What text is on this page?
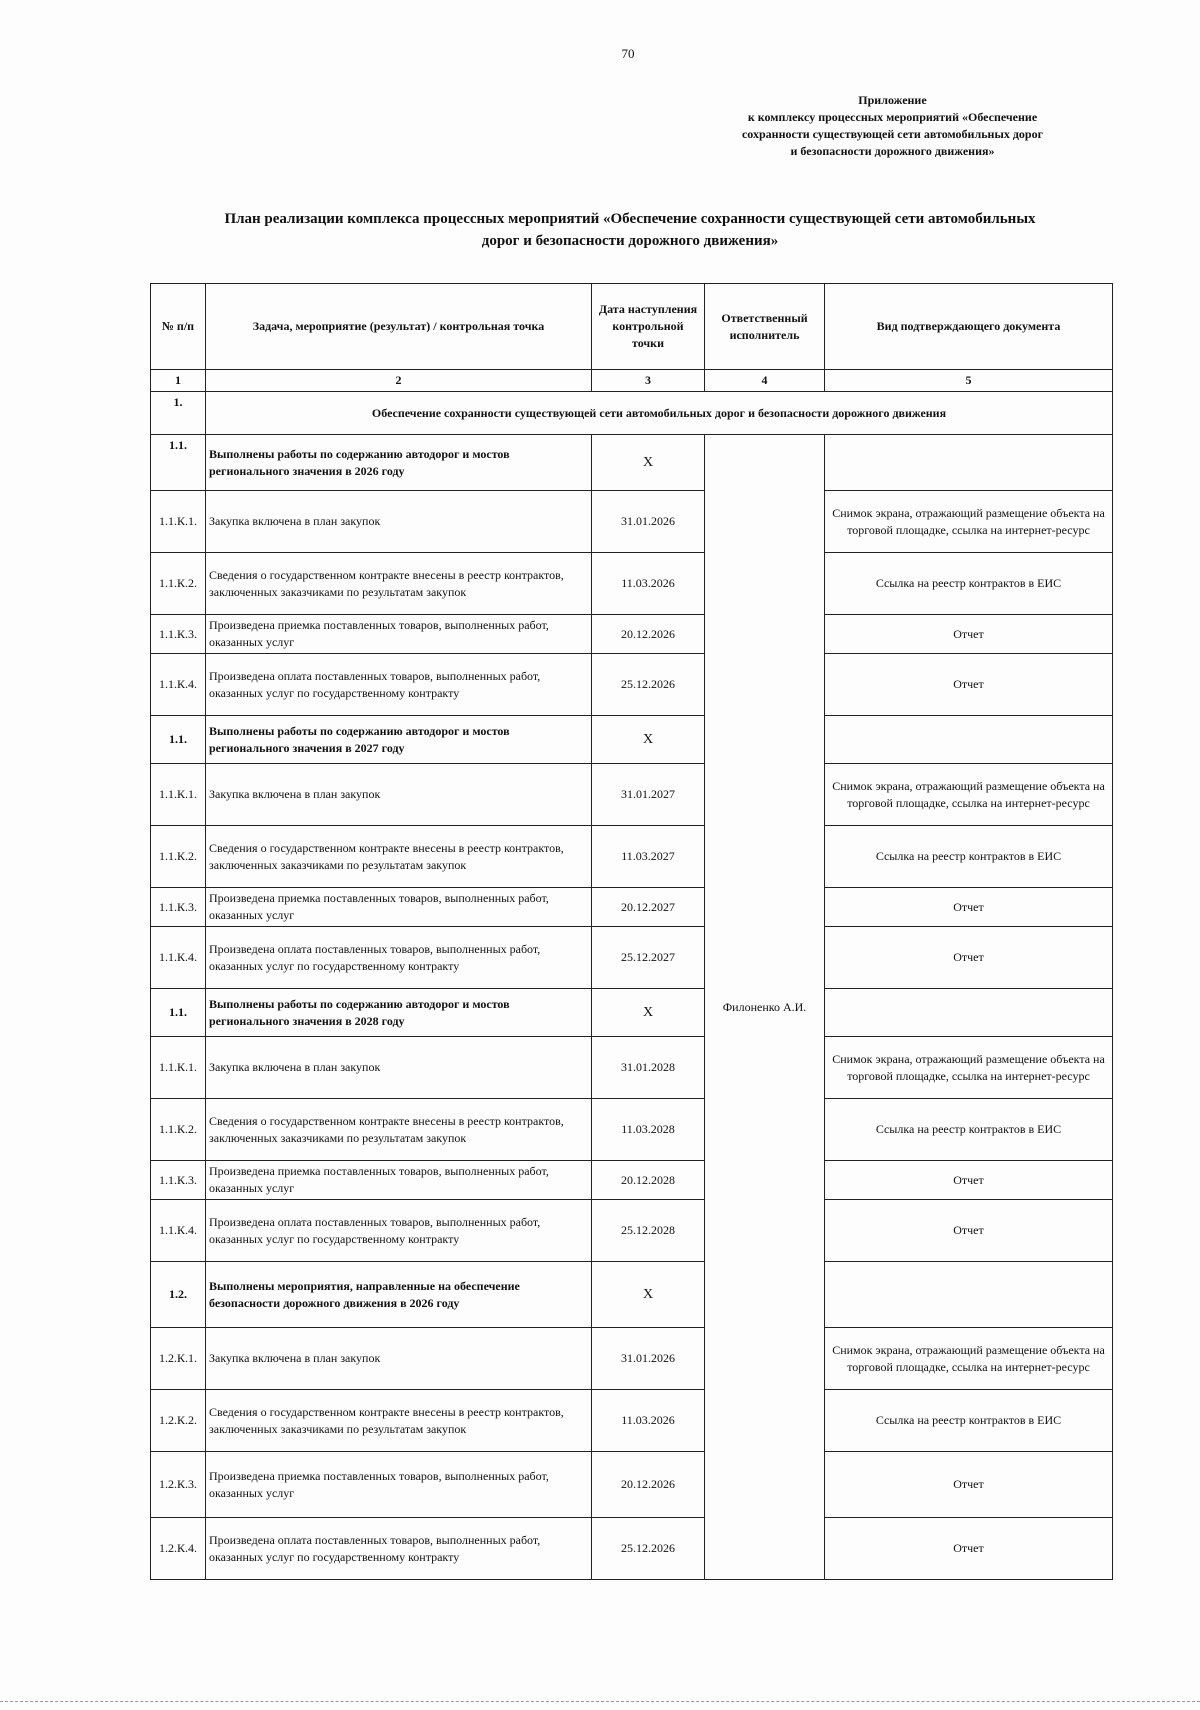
70
Приложение
к комплексу процессных мероприятий «Обеспечение
сохранности существующей сети автомобильных дорог
и безопасности дорожного движения»
План реализации комплекса процессных мероприятий «Обеспечение сохранности существующей сети автомобильных
дорог и безопасности дорожного движения»
№ п/п	Задача, мероприятие (результат) / контрольная точка	Дата наступления контрольной точки	Ответственный исполнитель	Вид подтверждающего документа
1	2	3	4	5
1.	Обеспечение сохранности существующей сети автомобильных дорог и безопасности дорожного движения			
1.1.	Выполнены работы по содержанию автодорог и мостов регионального значения в 2026 году	X	Филоненко А.И.	
1.1.К.1.	Закупка включена в план закупок	31.01.2026		Снимок экрана, отражающий размещение объекта на торговой площадке, ссылка на интернет-ресурс
1.1.К.2.	Сведения о государственном контракте внесены в реестр контрактов, заключенных заказчиками по результатам закупок	11.03.2026		Ссылка на реестр контрактов в ЕИС
1.1.К.3.	Произведена приемка поставленных товаров, выполненных работ, оказанных услуг	20.12.2026		Отчет
1.1.К.4.	Произведена оплата поставленных товаров, выполненных работ, оказанных услуг по государственному контракту	25.12.2026		Отчет
1.1.	Выполнены работы по содержанию автодорог и мостов регионального значения в 2027 году	X		
1.1.К.1.	Закупка включена в план закупок	31.01.2027		Снимок экрана, отражающий размещение объекта на торговой площадке, ссылка на интернет-ресурс
1.1.К.2.	Сведения о государственном контракте внесены в реестр контрактов, заключенных заказчиками по результатам закупок	11.03.2027		Ссылка на реестр контрактов в ЕИС
1.1.К.3.	Произведена приемка поставленных товаров, выполненных работ, оказанных услуг	20.12.2027		Отчет
1.1.К.4.	Произведена оплата поставленных товаров, выполненных работ, оказанных услуг по государственному контракту	25.12.2027		Отчет
1.1.	Выполнены работы по содержанию автодорог и мостов регионального значения в 2028 году	X		
1.1.К.1.	Закупка включена в план закупок	31.01.2028		Снимок экрана, отражающий размещение объекта на торговой площадке, ссылка на интернет-ресурс
1.1.К.2.	Сведения о государственном контракте внесены в реестр контрактов, заключенных заказчиками по результатам закупок	11.03.2028		Ссылка на реестр контрактов в ЕИС
1.1.К.3.	Произведена приемка поставленных товаров, выполненных работ, оказанных услуг	20.12.2028		Отчет
1.1.К.4.	Произведена оплата поставленных товаров, выполненных работ, оказанных услуг по государственному контракту	25.12.2028		Отчет
1.2.	Выполнены мероприятия, направленные на обеспечение безопасности дорожного движения в 2026 году	X		
1.2.К.1.	Закупка включена в план закупок	31.01.2026		Снимок экрана, отражающий размещение объекта на торговой площадке, ссылка на интернет-ресурс
1.2.К.2.	Сведения о государственном контракте внесены в реестр контрактов, заключенных заказчиками по результатам закупок	11.03.2026		Ссылка на реестр контрактов в ЕИС
1.2.К.3.	Произведена приемка поставленных товаров, выполненных работ, оказанных услуг	20.12.2026		Отчет
1.2.К.4.	Произведена оплата поставленных товаров, выполненных работ, оказанных услуг по государственному контракту	25.12.2026		Отчет
